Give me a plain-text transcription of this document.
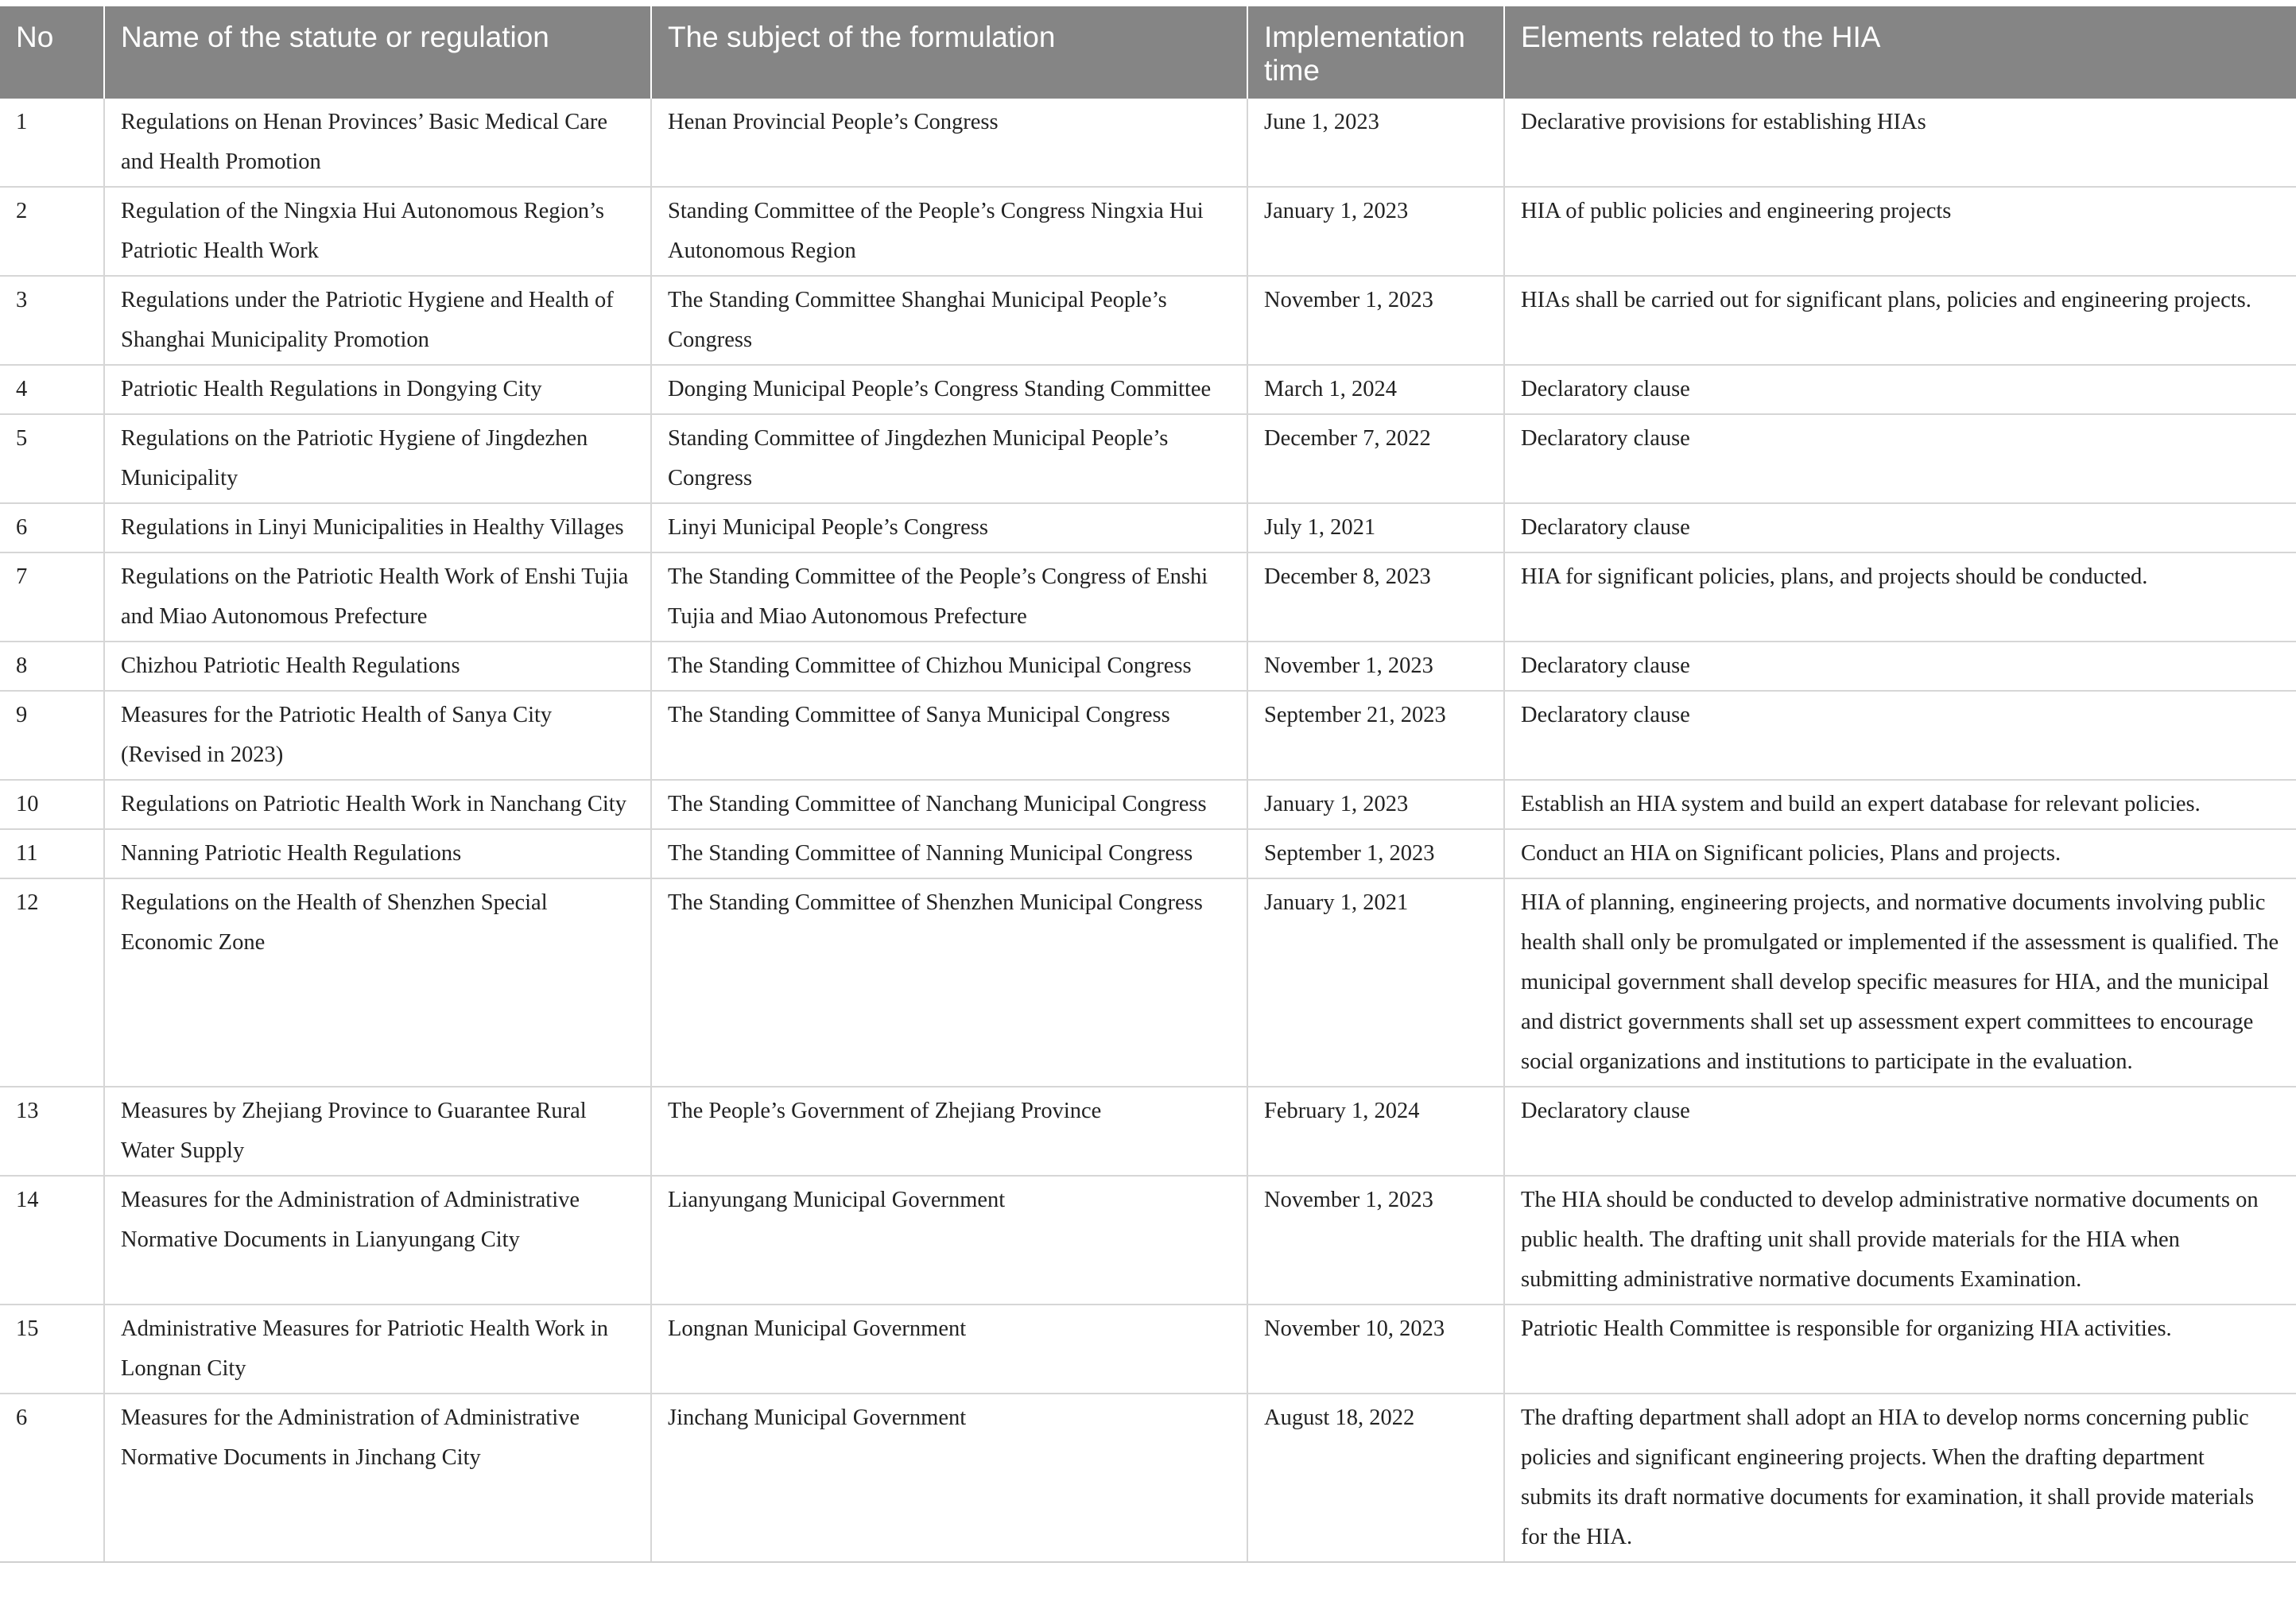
No	Name of the statute or regulation	The subject of the formulation	Implementation time	Elements related to the HIA
1	Regulations on Henan Provinces’ Basic Medical Care and Health Promotion	Henan Provincial People’s Congress	June 1, 2023	Declarative provisions for establishing HIAs
2	Regulation of the Ningxia Hui Autonomous Region’s Patriotic Health Work	Standing Committee of the People’s Congress Ningxia Hui Autonomous Region	January 1, 2023	HIA of public policies and engineering projects
3	Regulations under the Patriotic Hygiene and Health of Shanghai Municipality Promotion	The Standing Committee Shanghai Municipal People’s Congress	November 1, 2023	HIAs shall be carried out for significant plans, policies and engineering projects.
4	Patriotic Health Regulations in Dongying City	Donging Municipal People’s Congress Standing Committee	March 1, 2024	Declaratory clause
5	Regulations on the Patriotic Hygiene of Jingdezhen Municipality	Standing Committee of Jingdezhen Municipal People’s Congress	December 7, 2022	Declaratory clause
6	Regulations in Linyi Municipalities in Healthy Villages	Linyi Municipal People’s Congress	July 1, 2021	Declaratory clause
7	Regulations on the Patriotic Health Work of Enshi Tujia and Miao Autonomous Prefecture	The Standing Committee of the People’s Congress of Enshi Tujia and Miao Autonomous Prefecture	December 8, 2023	HIA for significant policies, plans, and projects should be conducted.
8	Chizhou Patriotic Health Regulations	The Standing Committee of Chizhou Municipal Congress	November 1, 2023	Declaratory clause
9	Measures for the Patriotic Health of Sanya City (Revised in 2023)	The Standing Committee of Sanya Municipal Congress	September 21, 2023	Declaratory clause
10	Regulations on Patriotic Health Work in Nanchang City	The Standing Committee of Nanchang Municipal Congress	January 1, 2023	Establish an HIA system and build an expert database for relevant policies.
11	Nanning Patriotic Health Regulations	The Standing Committee of Nanning Municipal Congress	September 1, 2023	Conduct an HIA on Significant policies, Plans and projects.
12	Regulations on the Health of Shenzhen Special Economic Zone	The Standing Committee of Shenzhen Municipal Congress	January 1, 2021	HIA of planning, engineering projects, and normative documents involving public health shall only be promulgated or implemented if the assessment is qualified. The municipal government shall develop specific measures for HIA, and the municipal and district governments shall set up assessment expert committees to encourage social organizations and institutions to participate in the evaluation.
13	Measures by Zhejiang Province to Guarantee Rural Water Supply	The People’s Government of Zhejiang Province	February 1, 2024	Declaratory clause
14	Measures for the Administration of Administrative Normative Documents in Lianyungang City	Lianyungang Municipal Government	November 1, 2023	The HIA should be conducted to develop administrative normative documents on public health. The drafting unit shall provide materials for the HIA when submitting administrative normative documents Examination.
15	Administrative Measures for Patriotic Health Work in Longnan City	Longnan Municipal Government	November 10, 2023	Patriotic Health Committee is responsible for organizing HIA activities.
6	Measures for the Administration of Administrative Normative Documents in Jinchang City	Jinchang Municipal Government	August 18, 2022	The drafting department shall adopt an HIA to develop norms concerning public policies and significant engineering projects. When the drafting department submits its draft normative documents for examination, it shall provide materials for the HIA.
